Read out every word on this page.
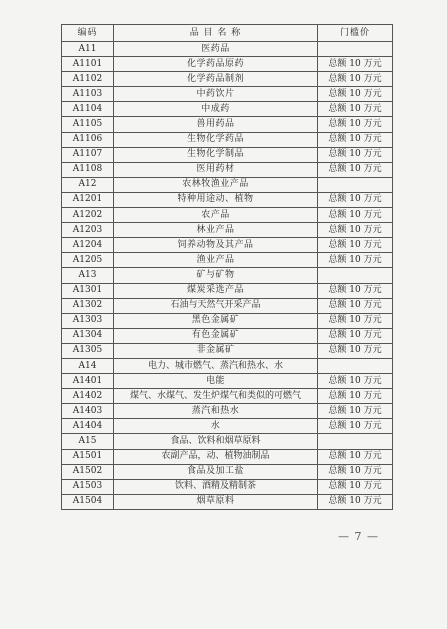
编码	品 目 名 称	门槛价
A11	医药品	
A1101	化学药品原药	总额 10 万元
A1102	化学药品制剂	总额 10 万元
A1103	中药饮片	总额 10 万元
A1104	中成药	总额 10 万元
A1105	兽用药品	总额 10 万元
A1106	生物化学药品	总额 10 万元
A1107	生物化学制品	总额 10 万元
A1108	医用药材	总额 10 万元
A12	农林牧渔业产品	
A1201	特种用途动、植物	总额 10 万元
A1202	农产品	总额 10 万元
A1203	林业产品	总额 10 万元
A1204	饲养动物及其产品	总额 10 万元
A1205	渔业产品	总额 10 万元
A13	矿与矿物	
A1301	煤炭采选产品	总额 10 万元
A1302	石油与天然气开采产品	总额 10 万元
A1303	黑色金属矿	总额 10 万元
A1304	有色金属矿	总额 10 万元
A1305	非金属矿	总额 10 万元
A14	电力、城市燃气、蒸汽和热水、水	
A1401	电能	总额 10 万元
A1402	煤气、水煤气、发生炉煤气和类似的可燃气	总额 10 万元
A1403	蒸汽和热水	总额 10 万元
A1404	水	总额 10 万元
A15	食品、饮料和烟草原料	
A1501	农副产品，动、植物油制品	总额 10 万元
A1502	食品及加工盐	总额 10 万元
A1503	饮料、酒精及精制茶	总额 10 万元
A1504	烟草原料	总额 10 万元
— 7 —
